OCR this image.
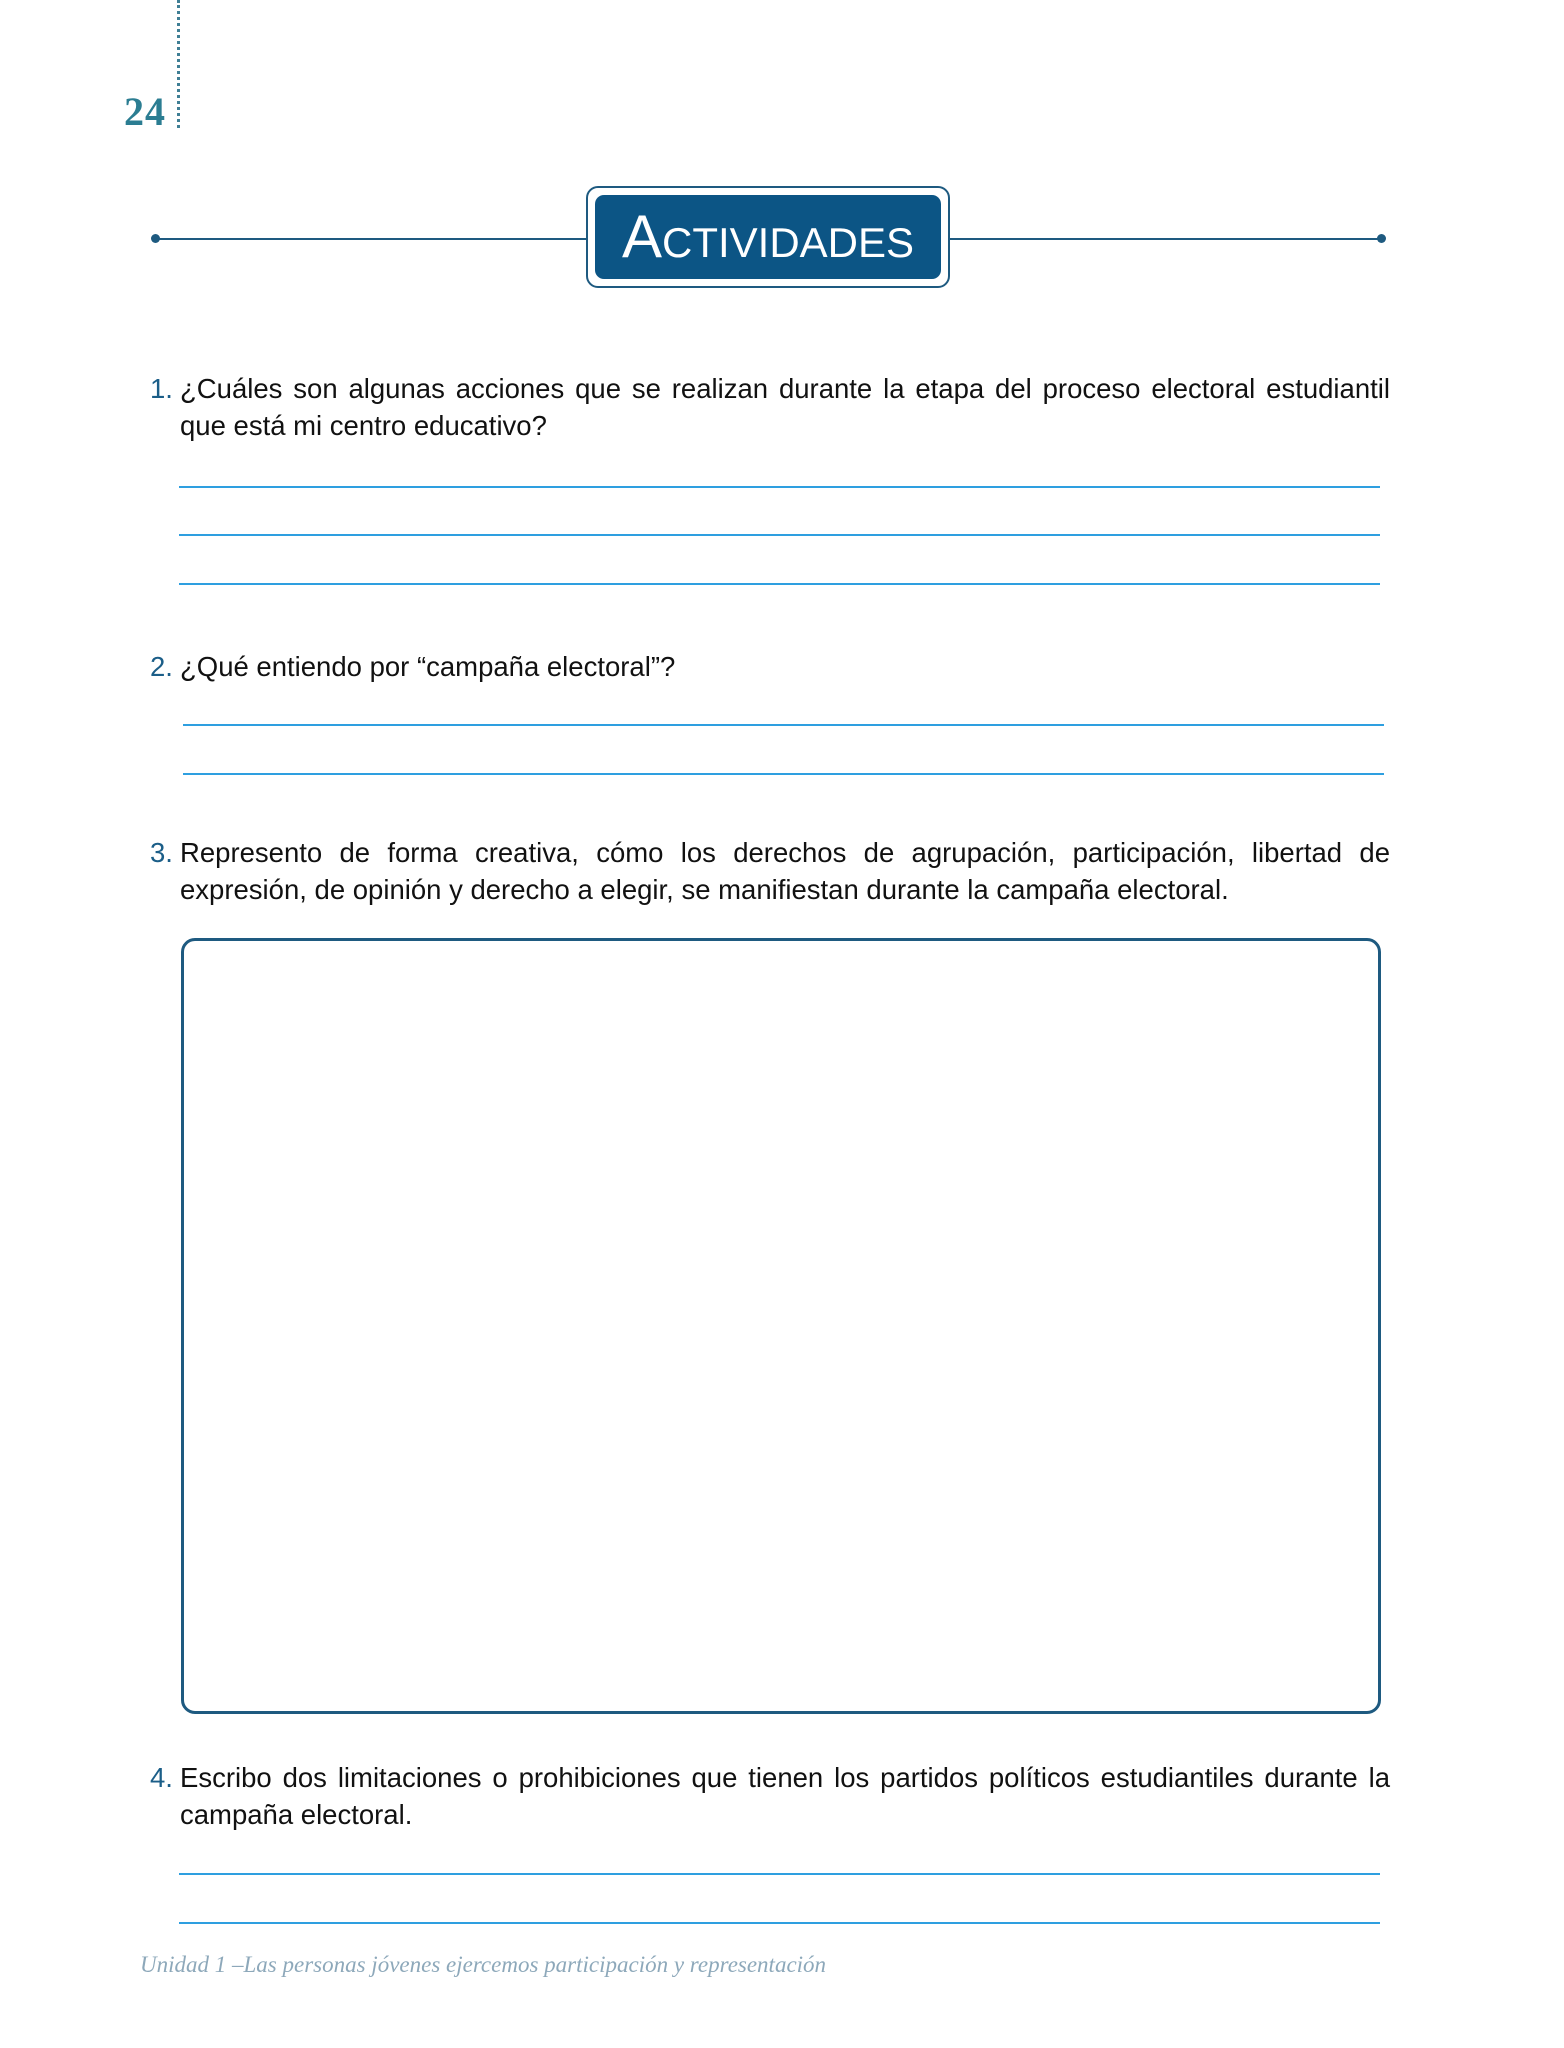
24
Actividades
1. ¿Cuáles son algunas acciones que se realizan durante la etapa del proceso electoral estudiantil que está mi centro educativo?
2. ¿Qué entiendo por “campaña electoral”?
3. Represento de forma creativa, cómo los derechos de agrupación, participación, libertad de expresión, de opinión y derecho a elegir, se manifiestan durante la campaña electoral.
4. Escribo dos limitaciones o prohibiciones que tienen los partidos políticos estudiantiles durante la campaña electoral.
Unidad 1 –Las personas jóvenes ejercemos participación y representación
